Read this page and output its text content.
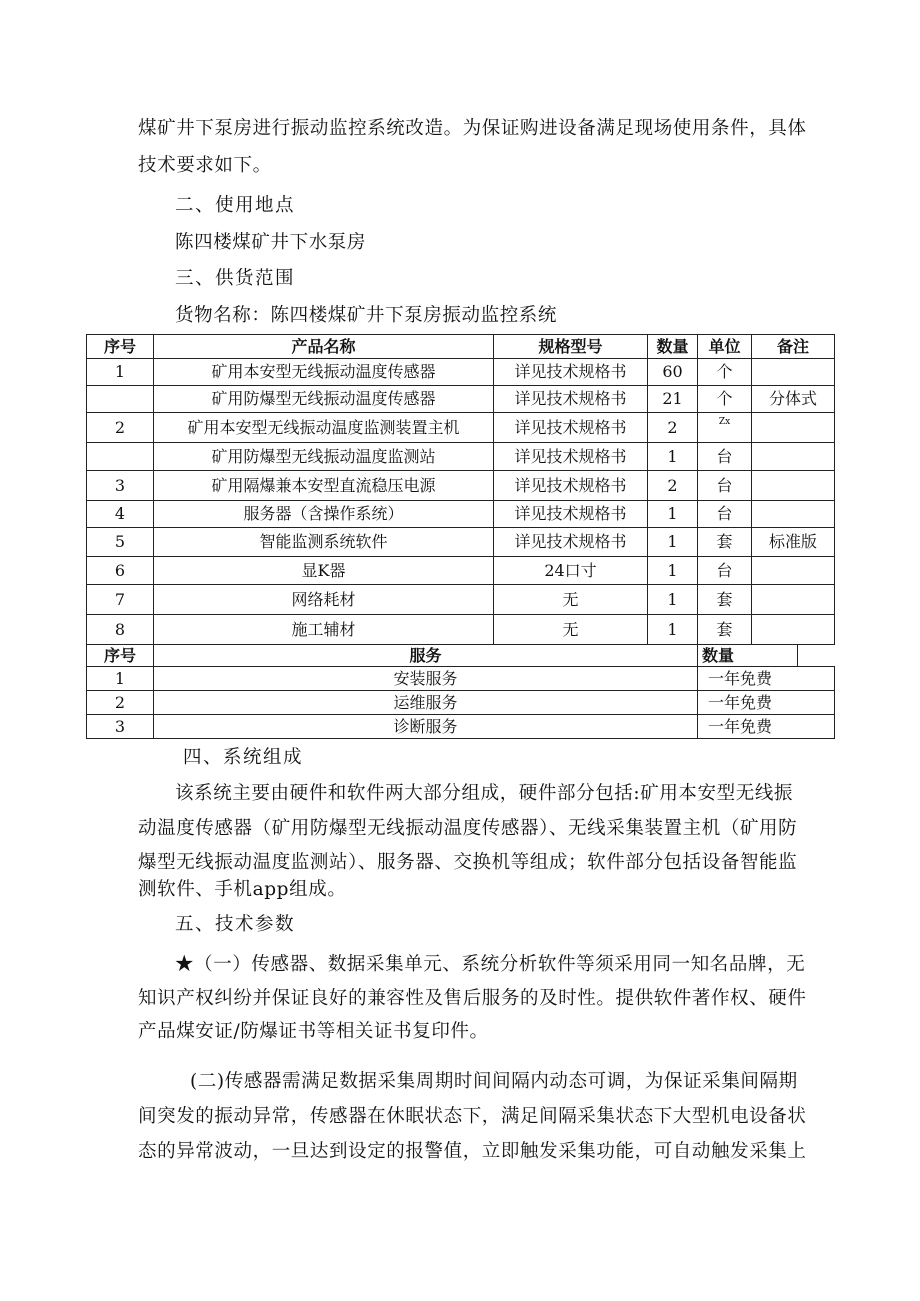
煤矿井下泵房进行振动监控系统改造。为保证购进设备满足现场使用条件，具体
技术要求如下。
二、使用地点
陈四楼煤矿井下水泵房
三、供货范围
货物名称：陈四楼煤矿井下泵房振动监控系统
序号	产品名称	规格型号	数量	单位	备注
1	矿用本安型无线振动温度传感器	详见技术规格书	60	个	
	矿用防爆型无线振动温度传感器	详见技术规格书	21	个	分体式
2	矿用本安型无线振动温度监测装置主机	详见技术规格书	2	$^{Zx}$	
	矿用防爆型无线振动温度监测站	详见技术规格书	1	台	
3	矿用隔爆兼本安型直流稳压电源	详见技术规格书	2	台	
4	服务器（含操作系统）	详见技术规格书	1	台	
5	智能监测系统软件	详见技术规格书	1	套	标准版
6	显K器	24口寸	1	台	
7	网络耗材	无	1	套	
8	施工辅材	无	1	套	
序号	服务			数量	

1	安装服务			一年免费	
2	运维服务			一年免费	
3	诊断服务			一年免费	
四、系统组成
该系统主要由硬件和软件两大部分组成，硬件部分包括:矿用本安型无线振
动温度传感器（矿用防爆型无线振动温度传感器）、无线采集装置主机（矿用防
爆型无线振动温度监测站）、服务器、交换机等组成；软件部分包括设备智能监
测软件、手机app组成。
五、技术参数
★（一）传感器、数据采集单元、系统分析软件等须采用同一知名品牌，无
知识产权纠纷并保证良好的兼容性及售后服务的及时性。提供软件著作权、硬件
产品煤安证/防爆证书等相关证书复印件。
(二)传感器需满足数据采集周期时间间隔内动态可调，为保证采集间隔期
间突发的振动异常，传感器在休眠状态下，满足间隔采集状态下大型机电设备状
态的异常波动，一旦达到设定的报警值，立即触发采集功能，可自动触发采集上
